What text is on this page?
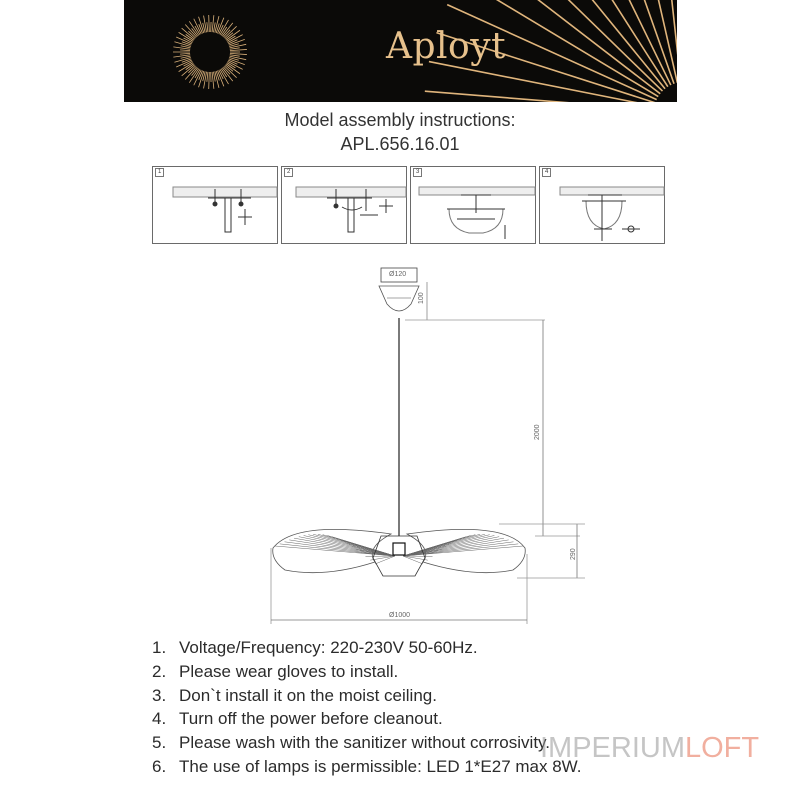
Aployt
Model assembly instructions:
APL.656.16.01
1	2	3	4
Ø120
100
2000
290
Ø1000
1. Voltage/Frequency: 220-230V 50-60Hz.
2. Please wear gloves to install.
3. Don`t install it on the moist ceiling.
4. Turn off the power before cleanout.
5. Please wash with the sanitizer without corrosivity.
6. The use of lamps is permissible: LED 1*E27 max 8W.
IMPERIUMLOFT
